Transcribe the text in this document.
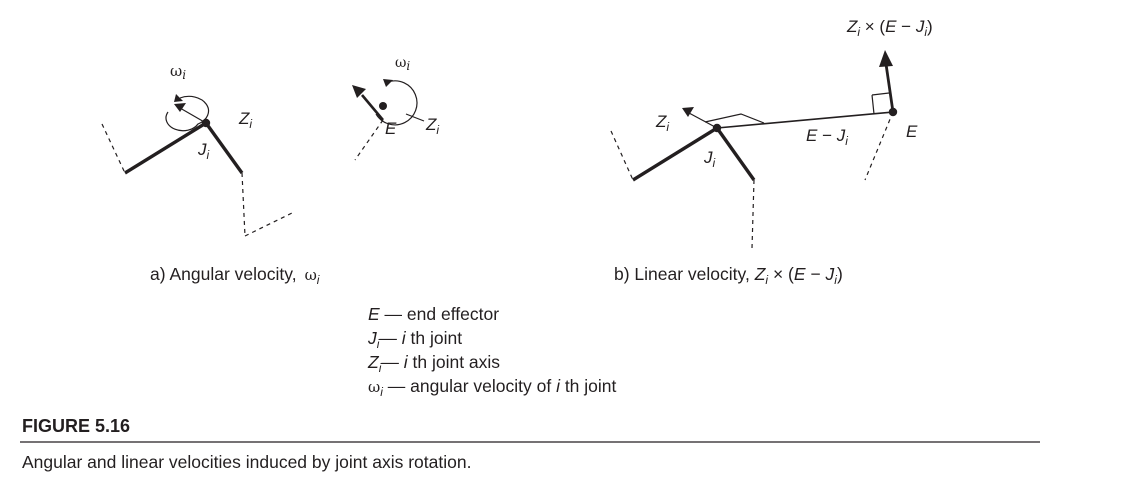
$\omega_i$
$Z_i$
$J_i$
ωi
E $Z_i$
a) Angular velocity, $\omega_i$
$Z_i \times (E - J_i)$
$Z_i$
$J_i$
$E - J_i$	E
b) Linear velocity, $Z_i \times (E - J_i)$
E — end effector
$J_i—$ i th joint
$Z_i—$ i th joint axis
$\omega_i$ — angular velocity of i th joint
FIGURE 5.16
Angular and linear velocities induced by joint axis rotation.
